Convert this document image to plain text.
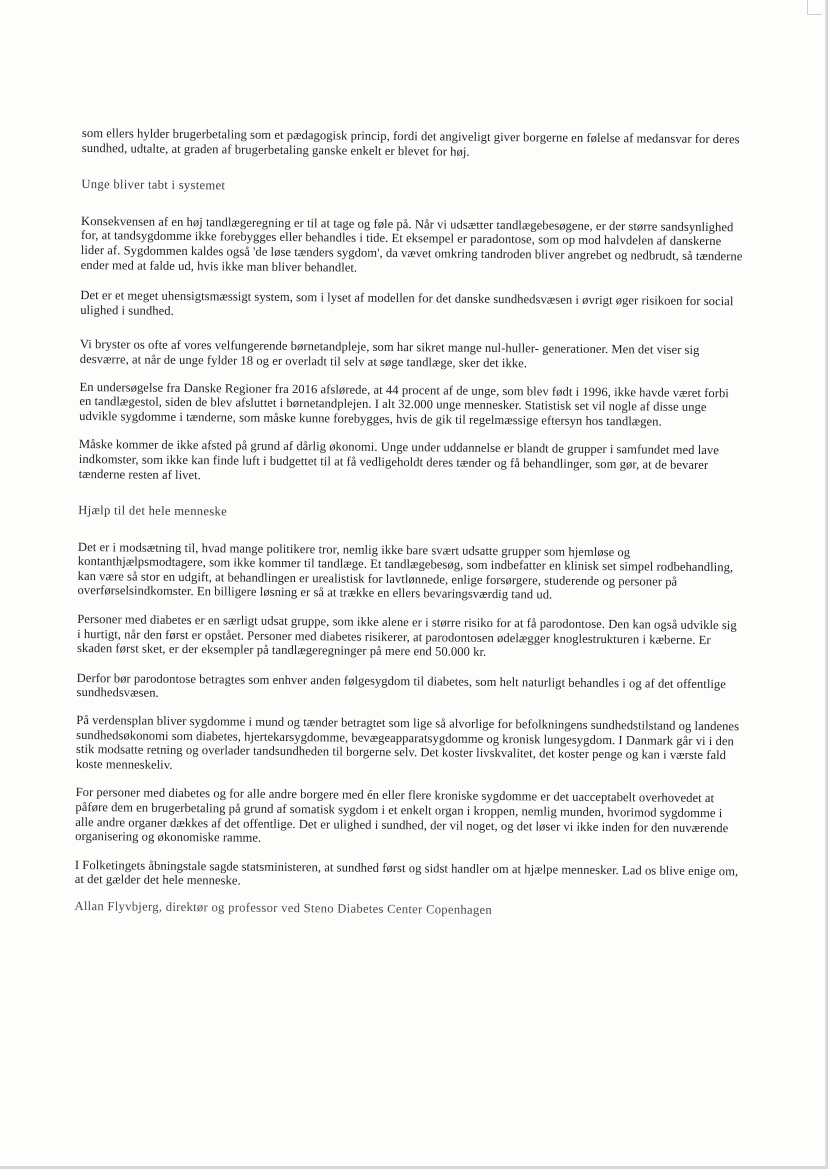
som ellers hylder brugerbetaling som et pædagogisk princip, fordi det angiveligt giver borgerne en følelse af medansvar for deres sundhed, udtalte, at graden af brugerbetaling ganske enkelt er blevet for høj.

Unge bliver tabt i systemet

Konsekvensen af en høj tandlægeregning er til at tage og føle på. Når vi udsætter tandlægebesøgene, er der større sandsynlighed for, at tandsygdomme ikke forebygges eller behandles i tide. Et eksempel er paradontose, som op mod halvdelen af danskerne lider af. Sygdommen kaldes også 'de løse tænders sygdom', da vævet omkring tandroden bliver angrebet og nedbrudt, så tænderne ender med at falde ud, hvis ikke man bliver behandlet.

Det er et meget uhensigtsmæssigt system, som i lyset af modellen for det danske sundhedsvæsen i øvrigt øger risikoen for social ulighed i sundhed.

Vi bryster os ofte af vores velfungerende børnetandpleje, som har sikret mange nul-huller- generationer. Men det viser sig desværre, at når de unge fylder 18 og er overladt til selv at søge tandlæge, sker det ikke.

En undersøgelse fra Danske Regioner fra 2016 afslørede, at 44 procent af de unge, som blev født i 1996, ikke havde været forbi en tandlægestol, siden de blev afsluttet i børnetandplejen. I alt 32.000 unge mennesker. Statistisk set vil nogle af disse unge udvikle sygdomme i tænderne, som måske kunne forebygges, hvis de gik til regelmæssige eftersyn hos tandlægen.

Måske kommer de ikke afsted på grund af dårlig økonomi. Unge under uddannelse er blandt de grupper i samfundet med lave indkomster, som ikke kan finde luft i budgettet til at få vedligeholdt deres tænder og få behandlinger, som gør, at de bevarer tænderne resten af livet.

Hjælp til det hele menneske

Det er i modsætning til, hvad mange politikere tror, nemlig ikke bare svært udsatte grupper som hjemløse og kontanthjælpsmodtagere, som ikke kommer til tandlæge. Et tandlægebesøg, som indbefatter en klinisk set simpel rodbehandling, kan være så stor en udgift, at behandlingen er urealistisk for lavtlønnede, enlige forsørgere, studerende og personer på overførselsindkomster. En billigere løsning er så at trække en ellers bevaringsværdig tand ud.

Personer med diabetes er en særligt udsat gruppe, som ikke alene er i større risiko for at få parodontose. Den kan også udvikle sig i hurtigt, når den først er opstået. Personer med diabetes risikerer, at parodontosen ødelægger knoglestrukturen i kæberne. Er skaden først sket, er der eksempler på tandlægeregninger på mere end 50.000 kr.

Derfor bør parodontose betragtes som enhver anden følgesygdom til diabetes, som helt naturligt behandles i og af det offentlige sundhedsvæsen.

På verdensplan bliver sygdomme i mund og tænder betragtet som lige så alvorlige for befolkningens sundhedstilstand og landenes sundhedsøkonomi som diabetes, hjertekarsygdomme, bevægeapparatsygdomme og kronisk lungesygdom. I Danmark går vi i den stik modsatte retning og overlader tandsundheden til borgerne selv. Det koster livskvalitet, det koster penge og kan i værste fald koste menneskeliv.

For personer med diabetes og for alle andre borgere med én eller flere kroniske sygdomme er det uacceptabelt overhovedet at påføre dem en brugerbetaling på grund af somatisk sygdom i et enkelt organ i kroppen, nemlig munden, hvorimod sygdomme i alle andre organer dækkes af det offentlige. Det er ulighed i sundhed, der vil noget, og det løser vi ikke inden for den nuværende organisering og økonomiske ramme.

I Folketingets åbningstale sagde statsministeren, at sundhed først og sidst handler om at hjælpe mennesker. Lad os blive enige om, at det gælder det hele menneske.

Allan Flyvbjerg, direktør og professor ved Steno Diabetes Center Copenhagen
